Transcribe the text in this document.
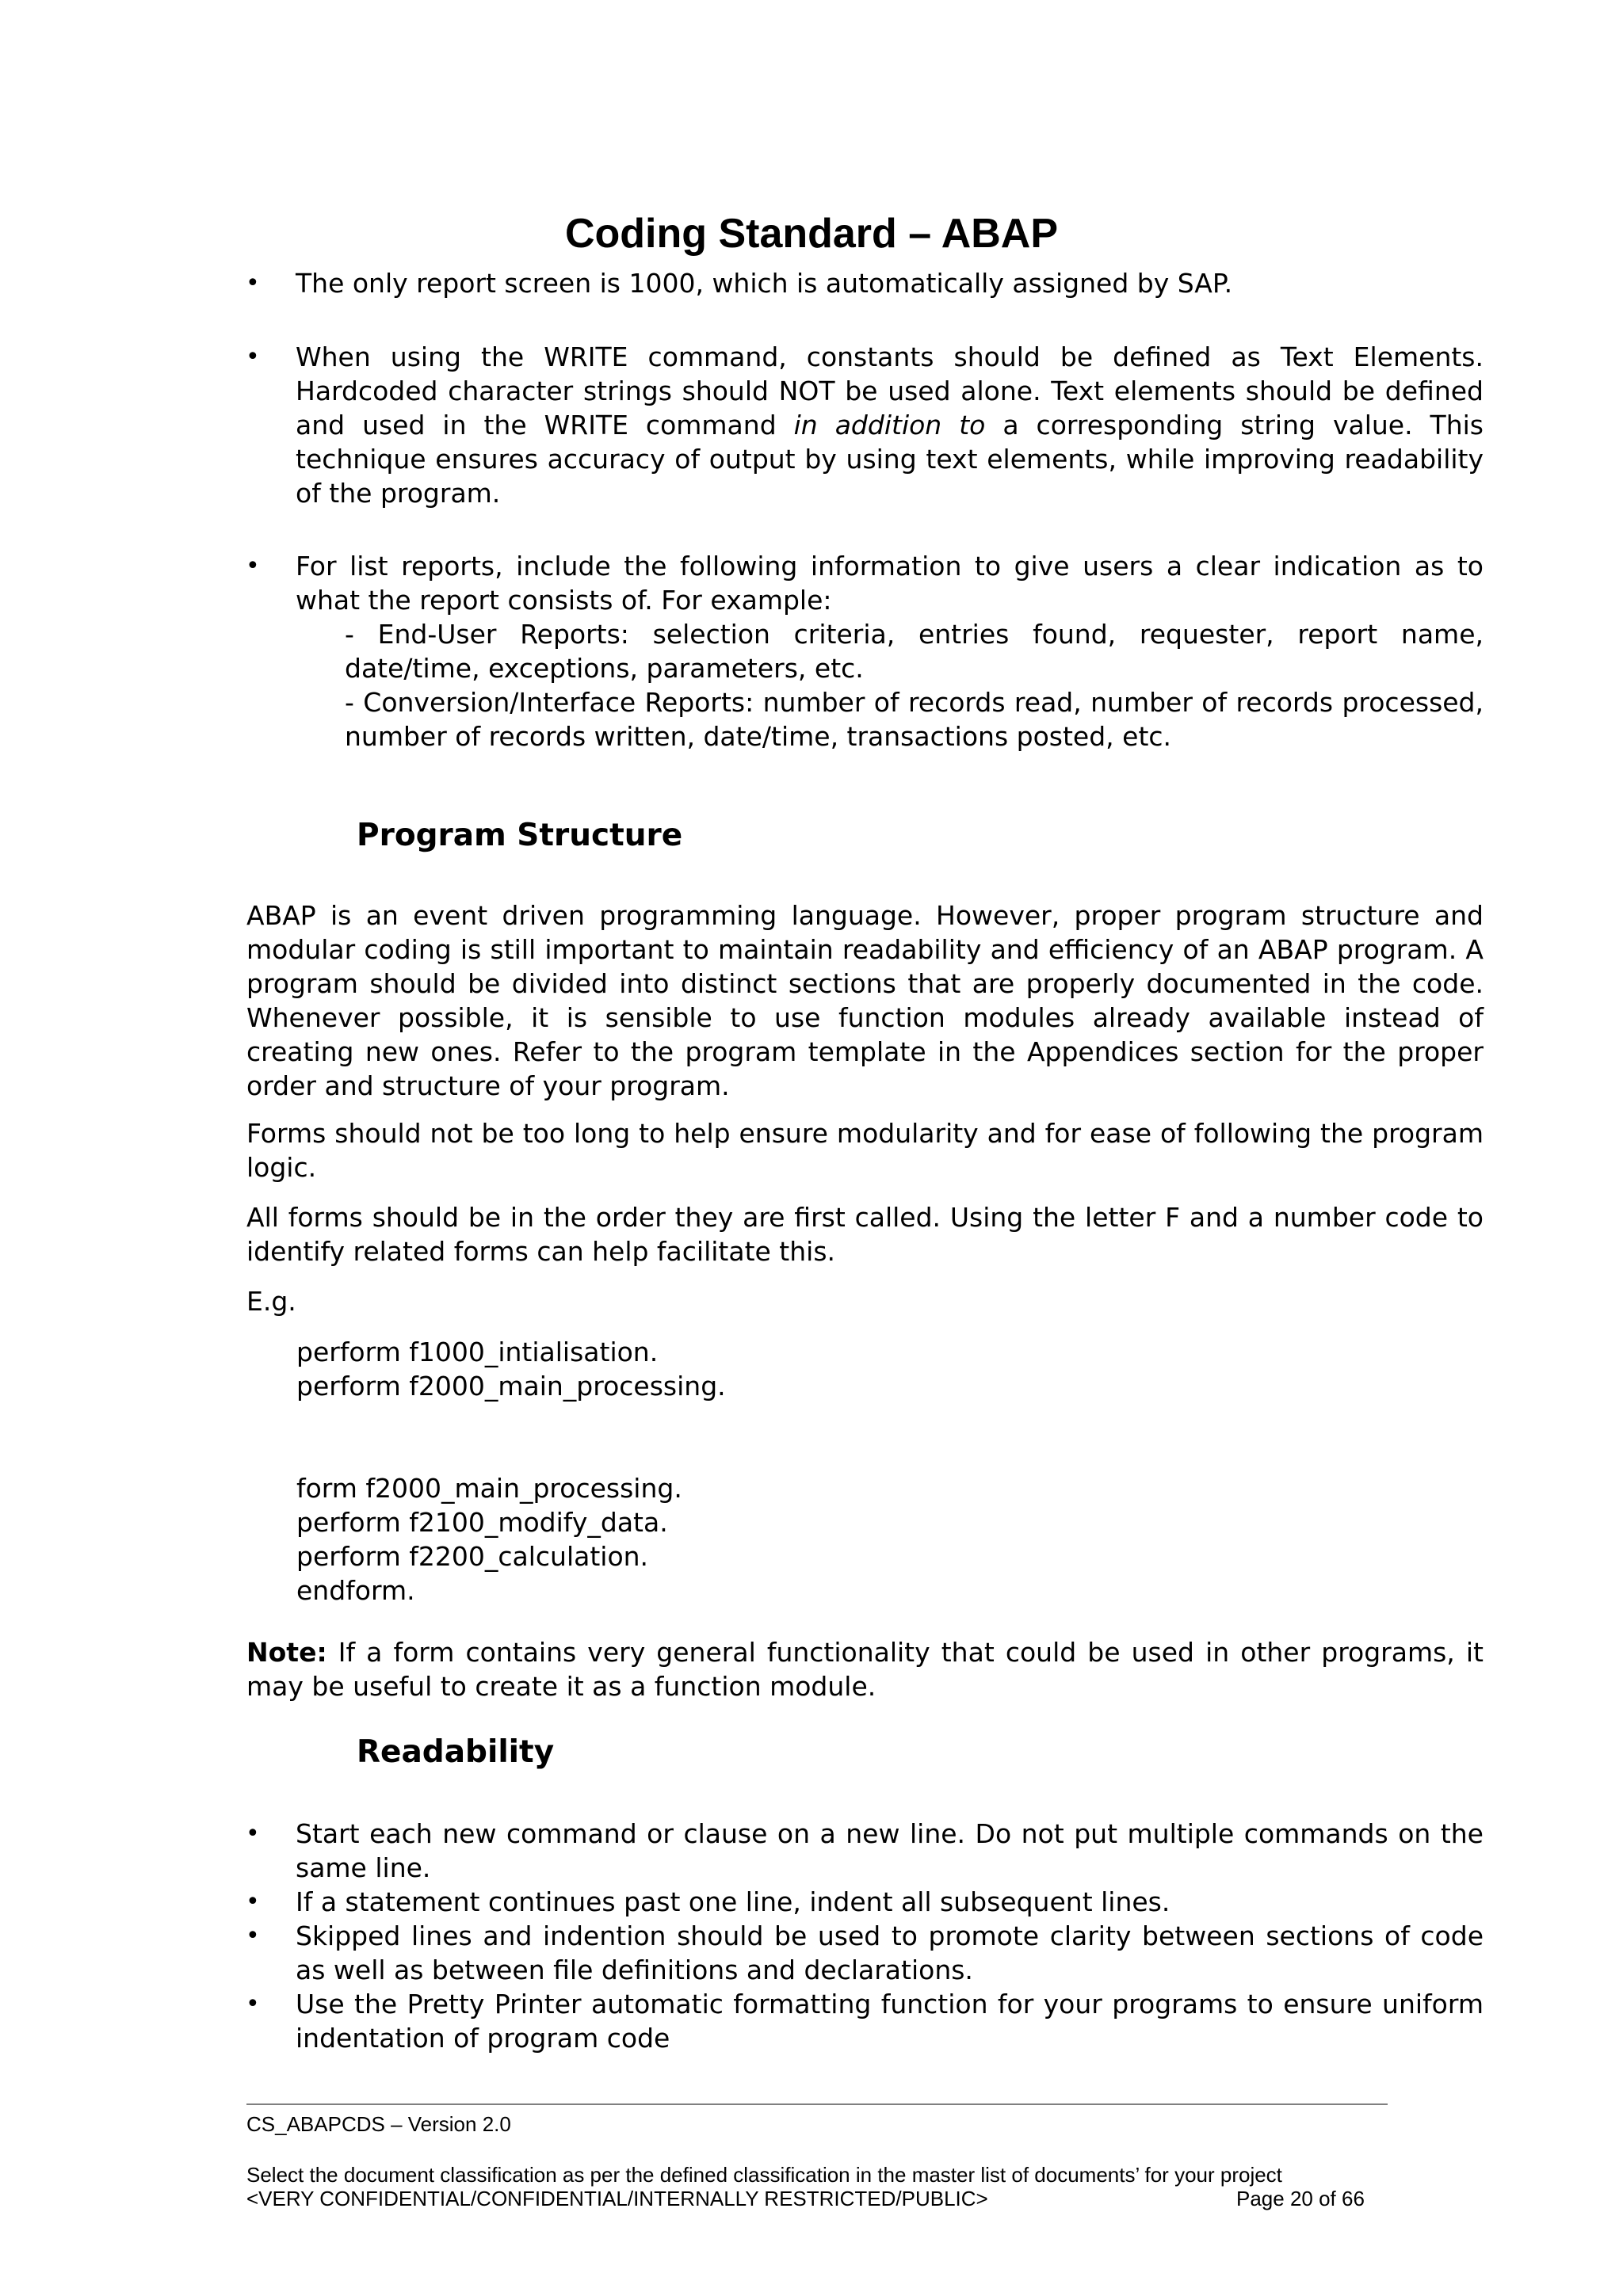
Coding Standard – ABAP
•	The only report screen is 1000, which is automatically assigned by SAP.

•	When using the WRITE command, constants should be defined as Text Elements. Hardcoded character strings should NOT be used alone. Text elements should be defined and used in the WRITE command in addition to a corresponding string value. This technique ensures accuracy of output by using text elements, while improving readability of the program.

•	For list reports, include the following information to give users a clear indication as to what the report consists of. For example:

- End-User Reports: selection criteria, entries found, requester, report name, date/time, exceptions, parameters, etc.

- Conversion/Interface Reports: number of records read, number of records processed, number of records written, date/time, transactions posted, etc.

Program Structure

ABAP is an event driven programming language. However, proper program structure and modular coding is still important to maintain readability and efficiency of an ABAP program. A program should be divided into distinct sections that are properly documented in the code. Whenever possible, it is sensible to use function modules already available instead of creating new ones. Refer to the program template in the Appendices section for the proper order and structure of your program.

Forms should not be too long to help ensure modularity and for ease of following the program logic.

All forms should be in the order they are first called. Using the letter F and a number code to identify related forms can help facilitate this.

E.g.

perform f1000_intialisation.
perform f2000_main_processing.
form f2000_main_processing.
perform f2100_modify_data.
perform f2200_calculation.
endform.

Note: If a form contains very general functionality that could be used in other programs, it may be useful to create it as a function module.

Readability
•	Start each new command or clause on a new line. Do not put multiple commands on the same line.

•	If a statement continues past one line, indent all subsequent lines.

•	Skipped lines and indention should be used to promote clarity between sections of code as well as between file definitions and declarations.

•	Use the Pretty Printer automatic formatting function for your programs to ensure uniform indentation of program code

CS_ABAPCDS – Version 2.0
Select the document classification as per the defined classification in the master list of documents’ for your project
<VERY CONFIDENTIAL/CONFIDENTIAL/INTERNALLY RESTRICTED/PUBLIC>	Page 20 of 66
